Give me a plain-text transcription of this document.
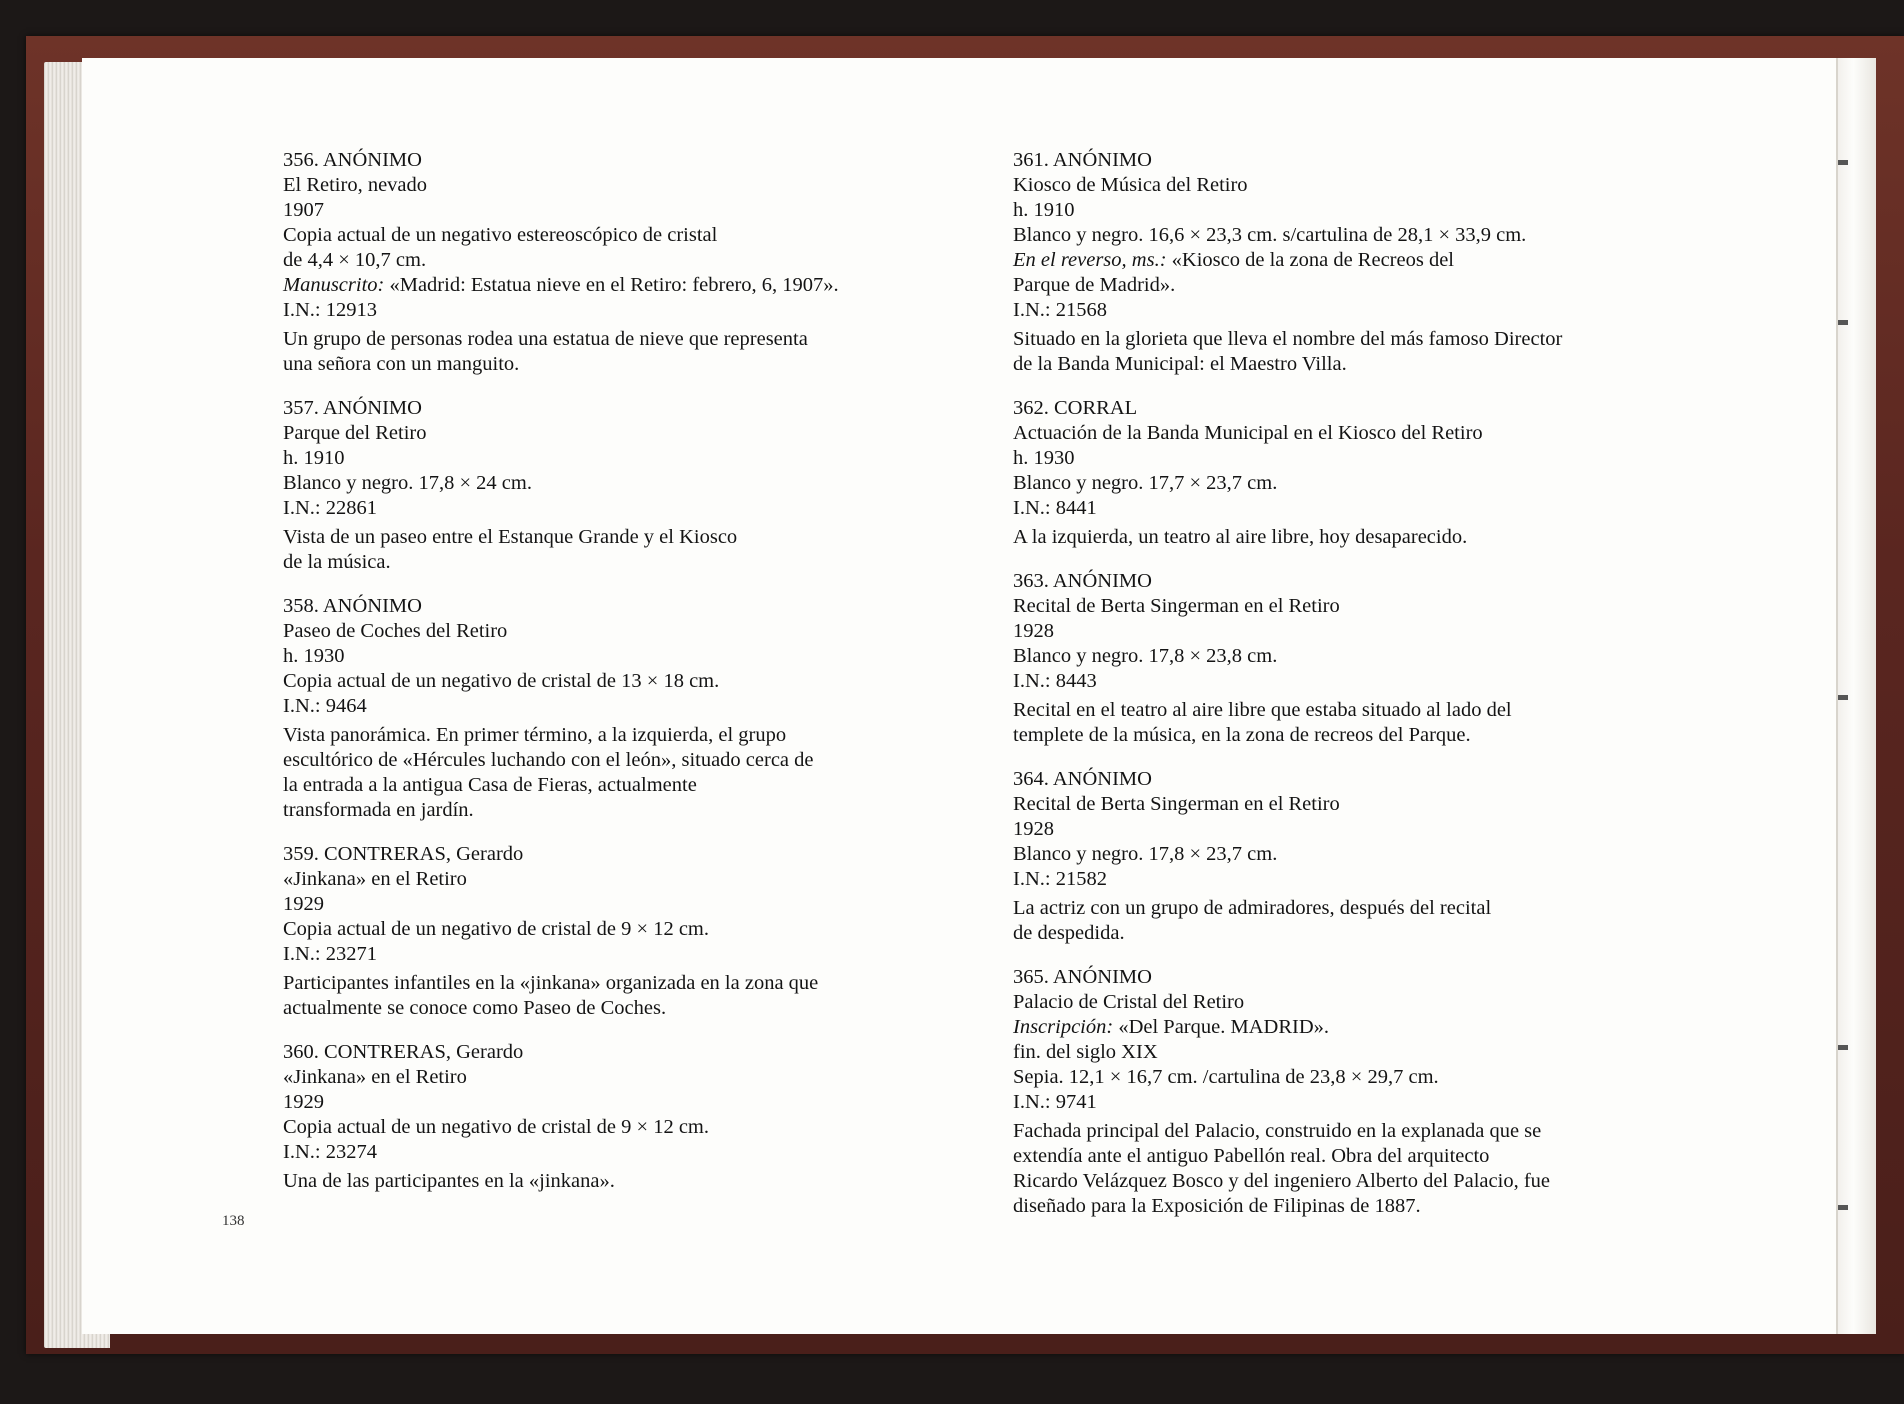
356. ANÓNIMO
El Retiro, nevado
1907
Copia actual de un negativo estereoscópico de cristal
de 4,4 × 10,7 cm.
Manuscrito: «Madrid: Estatua nieve en el Retiro: febrero, 6, 1907».
I.N.: 12913
Un grupo de personas rodea una estatua de nieve que representa
una señora con un manguito.
357. ANÓNIMO
Parque del Retiro
h. 1910
Blanco y negro. 17,8 × 24 cm.
I.N.: 22861
Vista de un paseo entre el Estanque Grande y el Kiosco
de la música.
358. ANÓNIMO
Paseo de Coches del Retiro
h. 1930
Copia actual de un negativo de cristal de 13 × 18 cm.
I.N.: 9464
Vista panorámica. En primer término, a la izquierda, el grupo
escultórico de «Hércules luchando con el león», situado cerca de
la entrada a la antigua Casa de Fieras, actualmente
transformada en jardín.
359. CONTRERAS, Gerardo
«Jinkana» en el Retiro
1929
Copia actual de un negativo de cristal de 9 × 12 cm.
I.N.: 23271
Participantes infantiles en la «jinkana» organizada en la zona que
actualmente se conoce como Paseo de Coches.
360. CONTRERAS, Gerardo
«Jinkana» en el Retiro
1929
Copia actual de un negativo de cristal de 9 × 12 cm.
I.N.: 23274
Una de las participantes en la «jinkana».
361. ANÓNIMO
Kiosco de Música del Retiro
h. 1910
Blanco y negro. 16,6 × 23,3 cm. s/cartulina de 28,1 × 33,9 cm.
En el reverso, ms.: «Kiosco de la zona de Recreos del
Parque de Madrid».
I.N.: 21568
Situado en la glorieta que lleva el nombre del más famoso Director
de la Banda Municipal: el Maestro Villa.
362. CORRAL
Actuación de la Banda Municipal en el Kiosco del Retiro
h. 1930
Blanco y negro. 17,7 × 23,7 cm.
I.N.: 8441
A la izquierda, un teatro al aire libre, hoy desaparecido.
363. ANÓNIMO
Recital de Berta Singerman en el Retiro
1928
Blanco y negro. 17,8 × 23,8 cm.
I.N.: 8443
Recital en el teatro al aire libre que estaba situado al lado del
templete de la música, en la zona de recreos del Parque.
364. ANÓNIMO
Recital de Berta Singerman en el Retiro
1928
Blanco y negro. 17,8 × 23,7 cm.
I.N.: 21582
La actriz con un grupo de admiradores, después del recital
de despedida.
365. ANÓNIMO
Palacio de Cristal del Retiro
Inscripción: «Del Parque. MADRID».
fin. del siglo XIX
Sepia. 12,1 × 16,7 cm. /cartulina de 23,8 × 29,7 cm.
I.N.: 9741
Fachada principal del Palacio, construido en la explanada que se
extendía ante el antiguo Pabellón real. Obra del arquitecto
Ricardo Velázquez Bosco y del ingeniero Alberto del Palacio, fue
diseñado para la Exposición de Filipinas de 1887.
138
